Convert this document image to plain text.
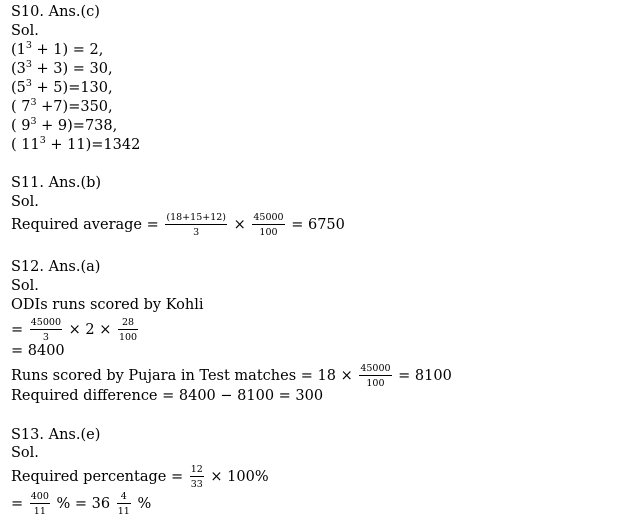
S10. Ans.(c)
Sol.
$(1^3 + 1) = 2$,
$(3^3 + 3) = 30$,
$(5^3 + 5)=130$,
( $7^3 +7)=350$,
( $9^3 + 9)=738$,
( $11^3 + 11)=1342$
S11. Ans.(b)
Sol.
Required average = $\frac{(18+15+12)}{3} \times \frac{45000}{100} = 6750$
S12. Ans.(a)
Sol.
ODIs runs scored by Kohli
= $\frac{45000}{3} \times 2 \times \frac{28}{100}$
= 8400
Runs scored by Pujara in Test matches = $18 \times \frac{45000}{100} = 8100$
Required difference = 8400 − 8100 = 300
S13. Ans.(e)
Sol.
Required percentage = $\frac{12}{33} \times 100\%$
= $\frac{400}{11}$ % = $36 \frac{4}{11}$ %
